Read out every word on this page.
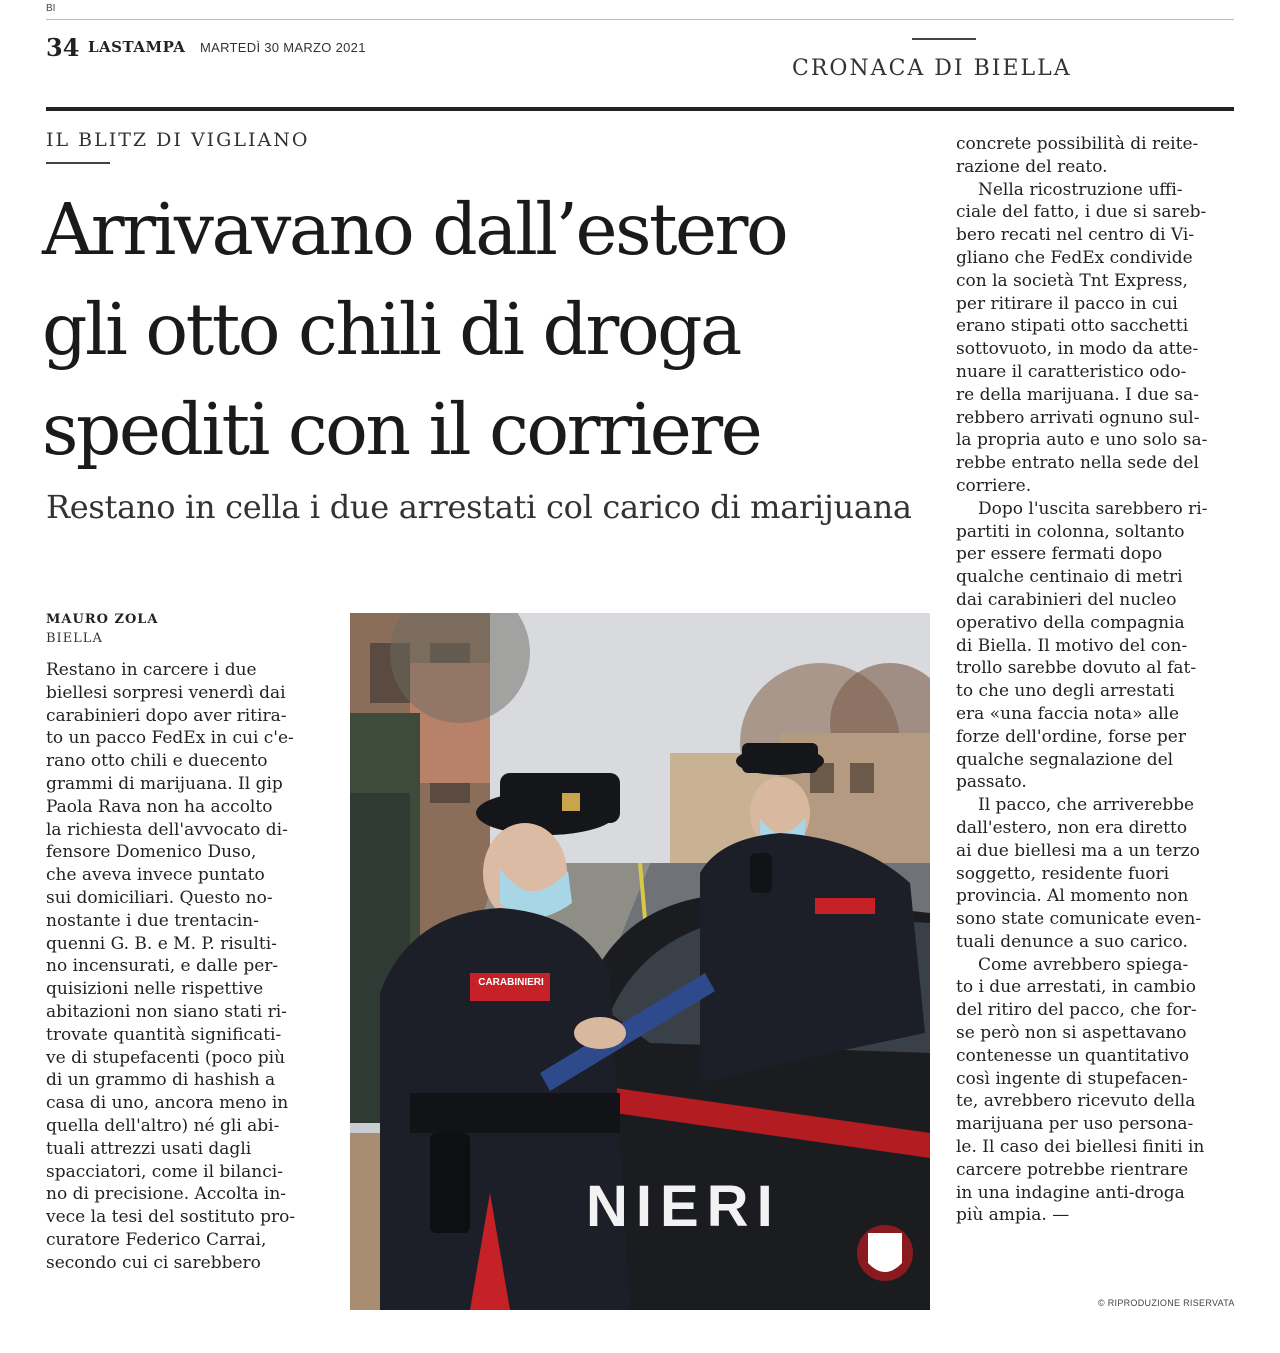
BI
34 LASTAMPA MARTEDÌ 30 MARZO 2021
CRONACA DI BIELLA
IL BLITZ DI VIGLIANO
Arrivavano dall’estero
gli otto chili di droga
spediti con il corriere
Restano in cella i due arrestati col carico di marijuana
MAURO ZOLA
BIELLA
Restano in carcere i due
biellesi sorpresi venerdì dai
carabinieri dopo aver ritira-
to un pacco FedEx in cui c'e-
rano otto chili e duecento
grammi di marijuana. Il gip
Paola Rava non ha accolto
la richiesta dell'avvocato di-
fensore Domenico Duso,
che aveva invece puntato
sui domiciliari. Questo no-
nostante i due trentacin-
quenni G. B. e M. P. risulti-
no incensurati, e dalle per-
quisizioni nelle rispettive
abitazioni non siano stati ri-
trovate quantità significati-
ve di stupefacenti (poco più
di un grammo di hashish a
casa di uno, ancora meno in
quella dell'altro) né gli abi-
tuali attrezzi usati dagli
spacciatori, come il bilanci-
no di precisione. Accolta in-
vece la tesi del sostituto pro-
curatore Federico Carrai,
secondo cui ci sarebbero
CARABINIERI
NIERI
concrete possibilità di reite-
razione del reato.
Nella ricostruzione uffi-
ciale del fatto, i due si sareb-
bero recati nel centro di Vi-
gliano che FedEx condivide
con la società Tnt Express,
per ritirare il pacco in cui
erano stipati otto sacchetti
sottovuoto, in modo da atte-
nuare il caratteristico odo-
re della marijuana. I due sa-
rebbero arrivati ognuno sul-
la propria auto e uno solo sa-
rebbe entrato nella sede del
corriere.
Dopo l'uscita sarebbero ri-
partiti in colonna, soltanto
per essere fermati dopo
qualche centinaio di metri
dai carabinieri del nucleo
operativo della compagnia
di Biella. Il motivo del con-
trollo sarebbe dovuto al fat-
to che uno degli arrestati
era «una faccia nota» alle
forze dell'ordine, forse per
qualche segnalazione del
passato.
Il pacco, che arriverebbe
dall'estero, non era diretto
ai due biellesi ma a un terzo
soggetto, residente fuori
provincia. Al momento non
sono state comunicate even-
tuali denunce a suo carico.
Come avrebbero spiega-
to i due arrestati, in cambio
del ritiro del pacco, che for-
se però non si aspettavano
contenesse un quantitativo
così ingente di stupefacen-
te, avrebbero ricevuto della
marijuana per uso persona-
le. Il caso dei biellesi finiti in
carcere potrebbe rientrare
in una indagine anti-droga
più ampia. —
© RIPRODUZIONE RISERVATA
